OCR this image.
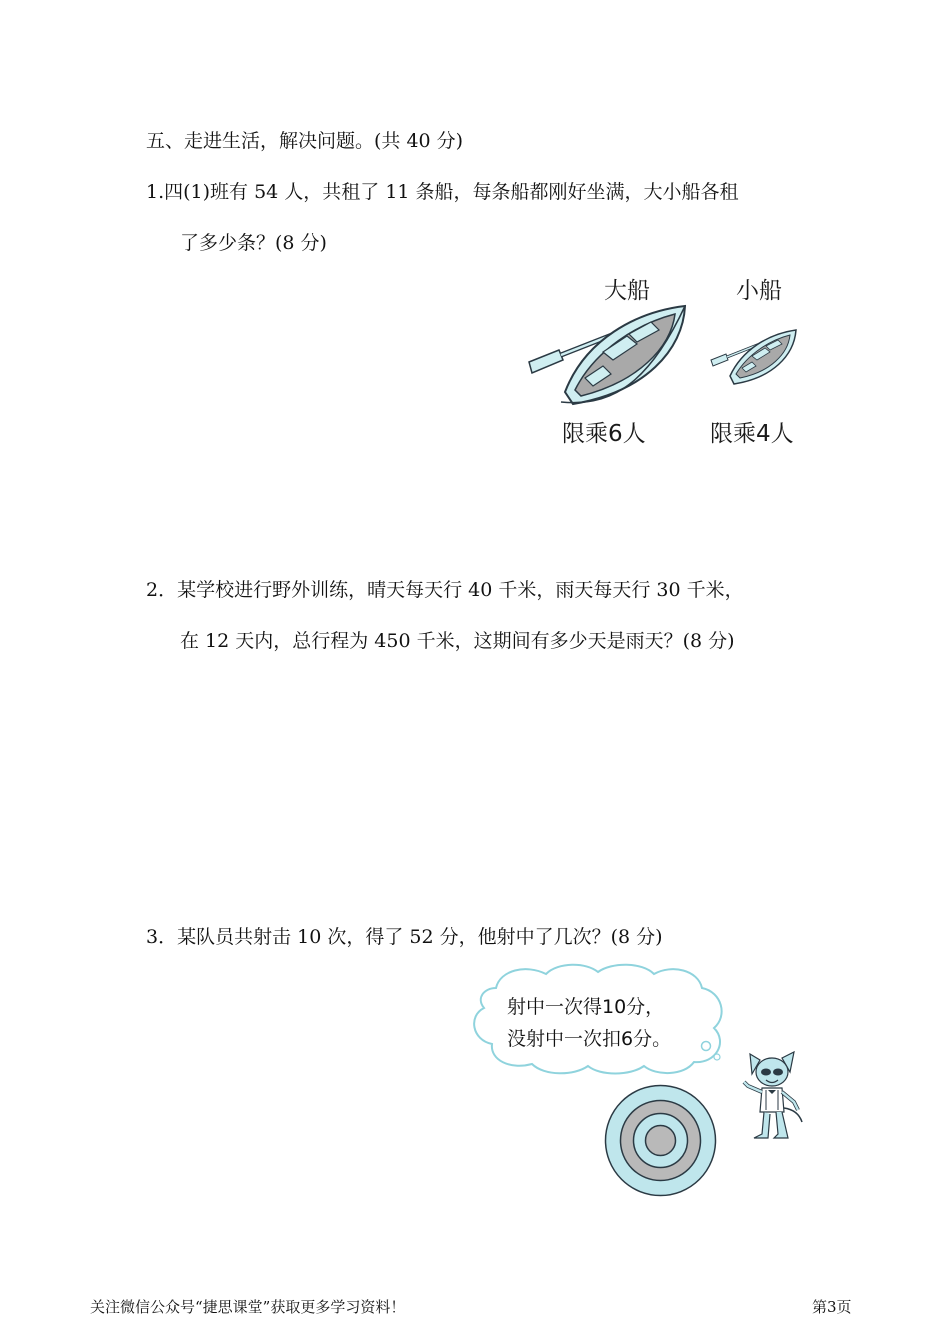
五、走进生活，解决问题。(共 40 分)
1.四(1)班有 54 人，共租了 11 条船，每条船都刚好坐满，大小船各租
了多少条？(8 分)
大船	小船
限乘6人	限乘4人
2．某学校进行野外训练，晴天每天行 40 千米，雨天每天行 30 千米，
在 12 天内，总行程为 450 千米，这期间有多少天是雨天？(8 分)
3．某队员共射击 10 次，得了 52 分，他射中了几次？(8 分)
射中一次得10分，
没射中一次扣6分。
关注微信公众号“捷思课堂”获取更多学习资料！	第3页
